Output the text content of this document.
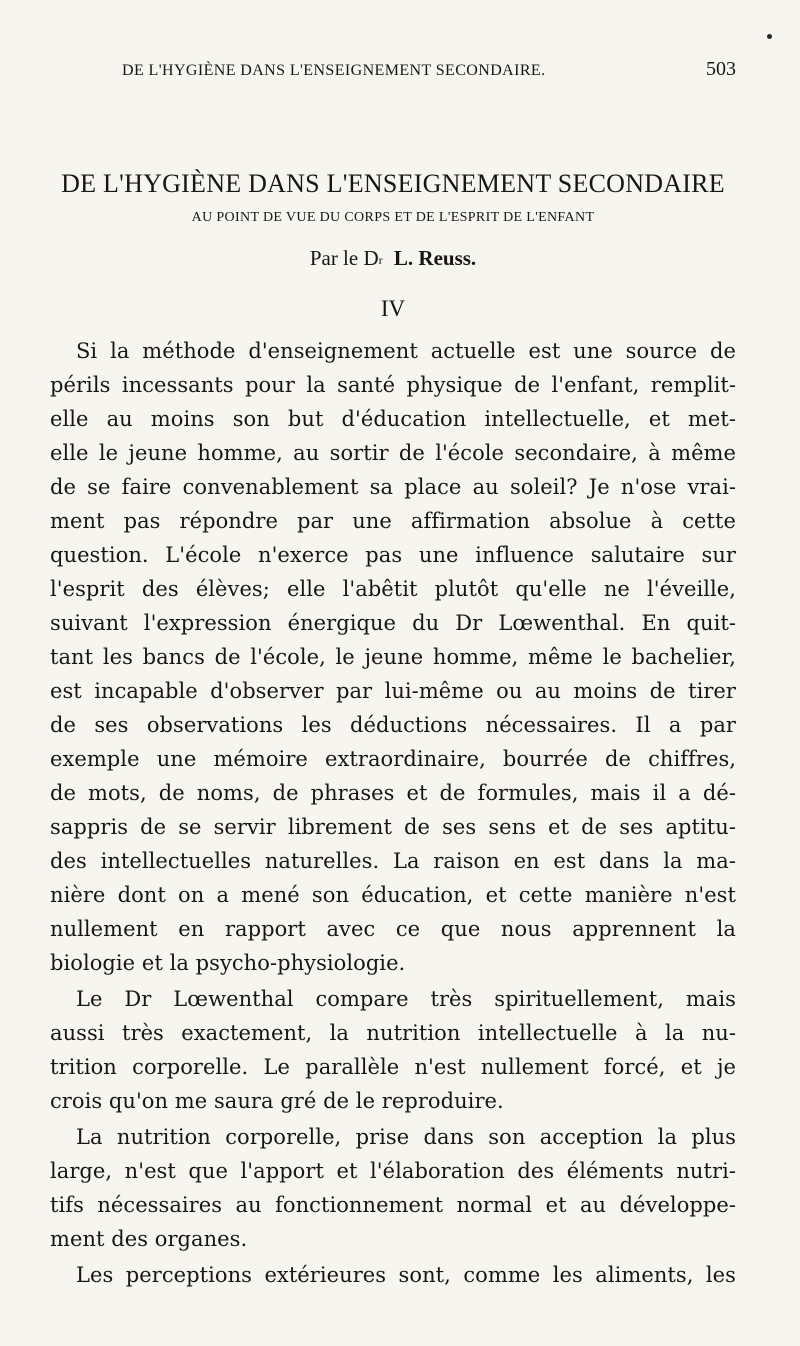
DE L'HYGIÈNE DANS L'ENSEIGNEMENT SECONDAIRE.	503
DE L'HYGIÈNE DANS L'ENSEIGNEMENT SECONDAIRE
AU POINT DE VUE DU CORPS ET DE L'ESPRIT DE L'ENFANT
Par le $D^r$ L. Reuss.
IV
Si la méthode d'enseignement actuelle est une source de
périls incessants pour la santé physique de l'enfant, remplit-
elle au moins son but d'éducation intellectuelle, et met-
elle le jeune homme, au sortir de l'école secondaire, à même
de se faire convenablement sa place au soleil? Je n'ose vrai-
ment pas répondre par une affirmation absolue à cette
question. L'école n'exerce pas une influence salutaire sur
l'esprit des élèves; elle l'abêtit plutôt qu'elle ne l'éveille,
suivant l'expression énergique du Dr Lœwenthal. En quit-
tant les bancs de l'école, le jeune homme, même le bachelier,
est incapable d'observer par lui-même ou au moins de tirer
de ses observations les déductions nécessaires. Il a par
exemple une mémoire extraordinaire, bourrée de chiffres,
de mots, de noms, de phrases et de formules, mais il a dé-
sappris de se servir librement de ses sens et de ses aptitu-
des intellectuelles naturelles. La raison en est dans la ma-
nière dont on a mené son éducation, et cette manière n'est
nullement en rapport avec ce que nous apprennent la
biologie et la psycho-physiologie.
Le Dr Lœwenthal compare très spirituellement, mais
aussi très exactement, la nutrition intellectuelle à la nu-
trition corporelle. Le parallèle n'est nullement forcé, et je
crois qu'on me saura gré de le reproduire.
La nutrition corporelle, prise dans son acception la plus
large, n'est que l'apport et l'élaboration des éléments nutri-
tifs nécessaires au fonctionnement normal et au développe-
ment des organes.
Les perceptions extérieures sont, comme les aliments, les
